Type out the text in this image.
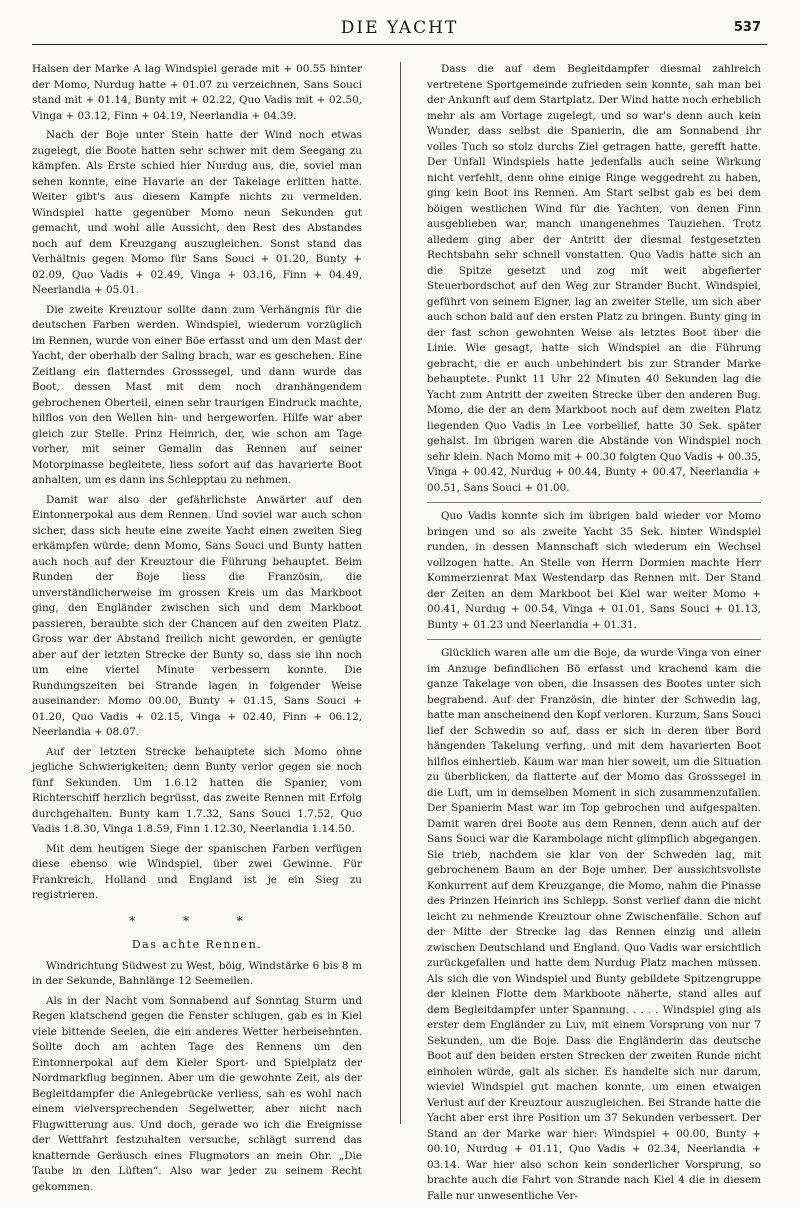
DIE YACHT	537

Halsen der Marke A lag Windspiel gerade mit + 00.55 hinter der Momo, Nurdug hatte + 01.07 zu verzeichnen, Sans Souci stand mit + 01.14, Bunty mit + 02.22, Quo Vadis mit + 02.50, Vinga + 03.12, Finn + 04.19, Neerlandia + 04.39.

Nach der Boje unter Stein hatte der Wind noch etwas zugelegt, die Boote hatten sehr schwer mit dem Seegang zu kämpfen. Als Erste schied hier Nurdug aus, die, soviel man sehen konnte, eine Havarie an der Takelage erlitten hatte. Weiter gibt's aus diesem Kampfe nichts zu vermelden. Windspiel hatte gegenüber Momo neun Sekunden gut gemacht, und wohl alle Aussicht, den Rest des Abstandes noch auf dem Kreuzgang auszugleichen. Sonst stand das Verhältnis gegen Momo für Sans Souci + 01.20, Bunty + 02.09, Quo Vadis + 02.49, Vinga + 03.16, Finn + 04.49, Neerlandia + 05.01.

Die zweite Kreuztour sollte dann zum Verhängnis für die deutschen Farben werden. Windspiel, wiederum vorzüglich im Rennen, wurde von einer Böe erfasst und um den Mast der Yacht, der oberhalb der Saling brach, war es geschehen. Eine Zeitlang ein flatterndes Grosssegel, und dann wurde das Boot, dessen Mast mit dem noch dranhängendem gebrochenen Oberteil, einen sehr traurigen Eindruck machte, hilflos von den Wellen hin- und hergeworfen. Hilfe war aber gleich zur Stelle. Prinz Heinrich, der, wie schon am Tage vorher, mit seiner Gemalin das Rennen auf seiner Motorpinasse begleitete, liess sofort auf das havarierte Boot anhalten, um es dann ins Schlepptau zu nehmen.

Damit war also der gefährlichste Anwärter auf den Eintonnerpokal aus dem Rennen. Und soviel war auch schon sicher, dass sich heute eine zweite Yacht einen zweiten Sieg erkämpfen würde; denn Momo, Sans Souci und Bunty hatten auch noch auf der Kreuztour die Führung behauptet. Beim Runden der Boje liess die Französin, die unverständlicherweise im grossen Kreis um das Markboot ging, den Engländer zwischen sich und dem Markboot passieren, beraubte sich der Chancen auf den zweiten Platz. Gross war der Abstand freilich nicht geworden, er genügte aber auf der letzten Strecke der Bunty so, dass sie ihn noch um eine viertel Minute verbessern konnte. Die Rundungszeiten bei Strande lagen in folgender Weise auseinander: Momo 00.00, Bunty + 01.15, Sans Souci + 01.20, Quo Vadis + 02.15, Vinga + 02.40, Finn + 06.12, Neerlandia + 08.07.

Auf der letzten Strecke behauptete sich Momo ohne jegliche Schwierigkeiten; denn Bunty verlor gegen sie noch fünf Sekunden. Um 1.6.12 hatten die Spanier, vom Richterschiff herzlich begrüsst, das zweite Rennen mit Erfolg durchgehalten. Bunty kam 1.7.32, Sans Souci 1.7.52, Quo Vadis 1.8.30, Vinga 1.8.59, Finn 1.12.30, Neerlandia 1.14.50.

Mit dem heutigen Siege der spanischen Farben verfügen diese ebenso wie Windspiel, über zwei Gewinne. Für Frankreich, Holland und England ist je ein Sieg zu registrieren.

* * *
Das achte Rennen.

Windrichtung Südwest zu West, böig, Windstärke 6 bis 8 m in der Sekunde, Bahnlänge 12 Seemeilen.

Als in der Nacht vom Sonnabend auf Sonntag Sturm und Regen klatschend gegen die Fenster schlugen, gab es in Kiel viele bittende Seelen, die ein anderes Wetter herbeisehnten. Sollte doch am achten Tage des Rennens um den Eintonnerpokal auf dem Kieler Sport- und Spielplatz der Nordmarkflug beginnen. Aber um die gewohnte Zeit, als der Begleitdampfer die Anlegebrücke verliess, sah es wohl nach einem vielversprechenden Segelwetter, aber nicht nach Flugwitterung aus. Und doch, gerade wo ich die Ereignisse der Wettfahrt festzuhalten versuche, schlägt surrend das knatternde Geräusch eines Flugmotors an mein Ohr. „Die Taube in den Lüften“. Also war jeder zu seinem Recht gekommen.

Dass die auf dem Begleitdampfer diesmal zahlreich vertretene Sportgemeinde zufrieden sein konnte, sah man bei der Ankunft auf dem Startplatz. Der Wind hatte noch erheblich mehr als am Vortage zugelegt, und so war's denn auch kein Wunder, dass selbst die Spanierin, die am Sonnabend ihr volles Tuch so stolz durchs Ziel getragen hatte, gerefft hatte. Der Unfall Windspiels hatte jedenfalls auch seine Wirkung nicht verfehlt, denn ohne einige Ringe weggedreht zu haben, ging kein Boot ins Rennen. Am Start selbst gab es bei dem böigen westlichen Wind für die Yachten, von denen Finn ausgeblieben war, manch unangenehmes Tauziehen. Trotz alledem ging aber der Antritt der diesmal festgesetzten Rechtsbahn sehr schnell vonstatten. Quo Vadis hatte sich an die Spitze gesetzt und zog mit weit abgefierter Steuerbordschot auf den Weg zur Strander Bucht. Windspiel, geführt von seinem Eigner, lag an zweiter Stelle, um sich aber auch schon bald auf den ersten Platz zu bringen. Bunty ging in der fast schon gewohnten Weise als letztes Boot über die Linie. Wie gesagt, hatte sich Windspiel an die Führung gebracht, die er auch unbehindert bis zur Strander Marke behauptete. Punkt 11 Uhr 22 Minuten 40 Sekunden lag die Yacht zum Antritt der zweiten Strecke über den anderen Bug. Momo, die der an dem Markboot noch auf dem zweiten Platz liegenden Quo Vadis in Lee vorbeilief, hatte 30 Sek. später gehalst. Im übrigen waren die Abstände von Windspiel noch sehr klein. Nach Momo mit + 00.30 folgten Quo Vadis + 00.35, Vinga + 00.42, Nurdug + 00.44, Bunty + 00.47, Neerlandia + 00.51, Sans Souci + 01.00.

Quo Vadis konnte sich im übrigen bald wieder vor Momo bringen und so als zweite Yacht 35 Sek. hinter Windspiel runden, in dessen Mannschaft sich wiederum ein Wechsel vollzogen hatte. An Stelle von Herrn Dormien machte Herr Kommerzienrat Max Westendarp das Rennen mit. Der Stand der Zeiten an dem Markboot bei Kiel war weiter Momo + 00.41, Nurdug + 00.54, Vinga + 01.01, Sans Souci + 01.13, Bunty + 01.23 und Neerlandia + 01.31.

Glücklich waren alle um die Boje, da wurde Vinga von einer im Anzuge befindlichen Bö erfasst und krachend kam die ganze Takelage von oben, die Insassen des Bootes unter sich begrabend. Auf der Französin, die hinter der Schwedin lag, hatte man anscheinend den Kopf verloren. Kurzum, Sans Souci lief der Schwedin so auf, dass er sich in deren über Bord hängenden Takelung verfing, und mit dem havarierten Boot hilflos einhertieb. Kaum war man hier soweit, um die Situation zu überblicken, da flatterte auf der Momo das Grosssegel in die Luft, um in demselben Moment in sich zusammenzufallen. Der Spanierin Mast war im Top gebrochen und aufgespalten. Damit waren drei Boote aus dem Rennen, denn auch auf der Sans Souci war die Karambolage nicht glimpflich abgegangen. Sie trieb, nachdem sie klar von der Schweden lag, mit gebrochenem Baum an der Boje umher. Der aussichtsvollste Konkurrent auf dem Kreuzgange, die Momo, nahm die Pinasse des Prinzen Heinrich ins Schlepp. Sonst verlief dann die nicht leicht zu nehmende Kreuztour ohne Zwischenfälle. Schon auf der Mitte der Strecke lag das Rennen einzig und allein zwischen Deutschland und England. Quo Vadis war ersichtlich zurückgefallen und hatte dem Nurdug Platz machen müssen. Als sich die von Windspiel und Bunty gebildete Spitzengruppe der kleinen Flotte dem Markboote näherte, stand alles auf dem Begleitdampfer unter Spannung. . . . . Windspiel ging als erster dem Engländer zu Luv, mit einem Vorsprung von nur 7 Sekunden, um die Boje. Dass die Engländerin das deutsche Boot auf den beiden ersten Strecken der zweiten Runde nicht einholen würde, galt als sicher. Es handelte sich nur darum, wieviel Windspiel gut machen konnte, um einen etwaigen Verlust auf der Kreuztour auszugleichen. Bei Strande hatte die Yacht aber erst ihre Position um 37 Sekunden verbessert. Der Stand an der Marke war hier: Windspiel + 00.00, Bunty + 00.10, Nurdug + 01.11, Quo Vadis + 02.34, Neerlandia + 03.14. War hier also schon kein sonderlicher Vorsprung, so brachte auch die Fahrt von Strande nach Kiel 4 die in diesem Falle nur unwesentliche Ver-
